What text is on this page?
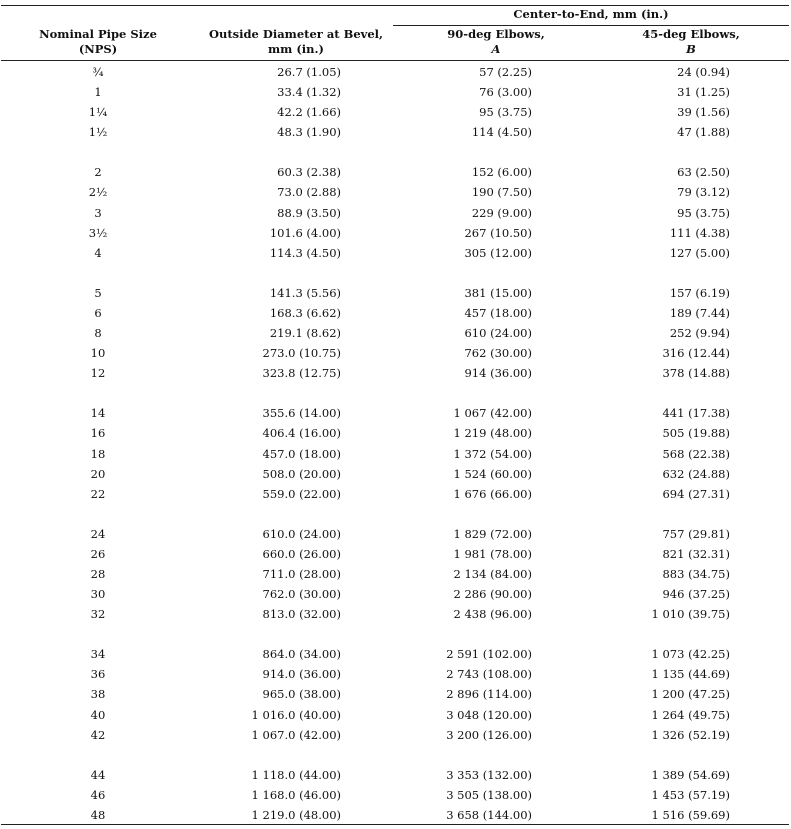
Center-to-End, mm (in.)
Nominal Pipe Size
(NPS)
Outside Diameter at Bevel,
mm (in.)
90-deg Elbows,
A
45-deg Elbows,
B
¾	26.7 (1.05)	57 (2.25)	24 (0.94)
1	33.4 (1.32)	76 (3.00)	31 (1.25)
1¼	42.2 (1.66)	95 (3.75)	39 (1.56)
1½	48.3 (1.90)	114 (4.50)	47 (1.88)
2	60.3 (2.38)	152 (6.00)	63 (2.50)
2½	73.0 (2.88)	190 (7.50)	79 (3.12)
3	88.9 (3.50)	229 (9.00)	95 (3.75)
3½	101.6 (4.00)	267 (10.50)	111 (4.38)
4	114.3 (4.50)	305 (12.00)	127 (5.00)
5	141.3 (5.56)	381 (15.00)	157 (6.19)
6	168.3 (6.62)	457 (18.00)	189 (7.44)
8	219.1 (8.62)	610 (24.00)	252 (9.94)
10	273.0 (10.75)	762 (30.00)	316 (12.44)
12	323.8 (12.75)	914 (36.00)	378 (14.88)
14	355.6 (14.00)	1 067 (42.00)	441 (17.38)
16	406.4 (16.00)	1 219 (48.00)	505 (19.88)
18	457.0 (18.00)	1 372 (54.00)	568 (22.38)
20	508.0 (20.00)	1 524 (60.00)	632 (24.88)
22	559.0 (22.00)	1 676 (66.00)	694 (27.31)
24	610.0 (24.00)	1 829 (72.00)	757 (29.81)
26	660.0 (26.00)	1 981 (78.00)	821 (32.31)
28	711.0 (28.00)	2 134 (84.00)	883 (34.75)
30	762.0 (30.00)	2 286 (90.00)	946 (37.25)
32	813.0 (32.00)	2 438 (96.00)	1 010 (39.75)
34	864.0 (34.00)	2 591 (102.00)	1 073 (42.25)
36	914.0 (36.00)	2 743 (108.00)	1 135 (44.69)
38	965.0 (38.00)	2 896 (114.00)	1 200 (47.25)
40	1 016.0 (40.00)	3 048 (120.00)	1 264 (49.75)
42	1 067.0 (42.00)	3 200 (126.00)	1 326 (52.19)
44	1 118.0 (44.00)	3 353 (132.00)	1 389 (54.69)
46	1 168.0 (46.00)	3 505 (138.00)	1 453 (57.19)
48	1 219.0 (48.00)	3 658 (144.00)	1 516 (59.69)
